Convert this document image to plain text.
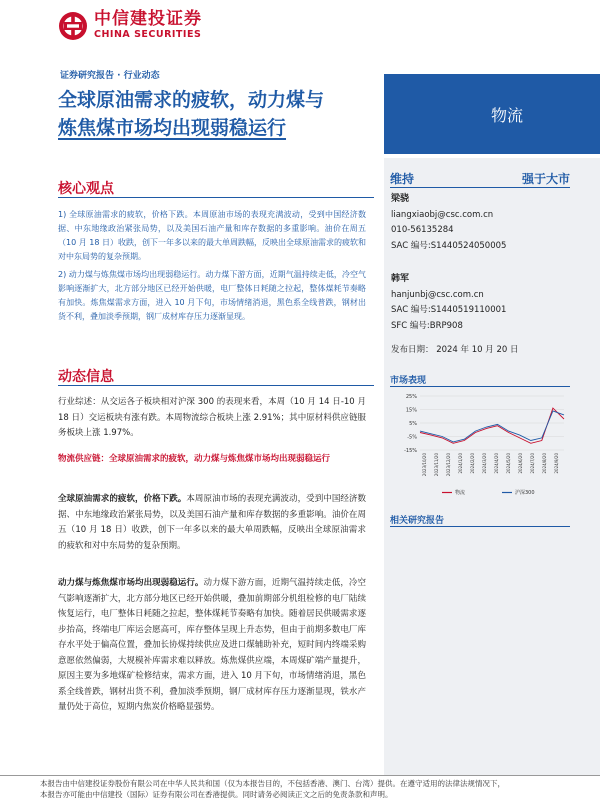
中信建投证券
CHINA SECURITIES
证券研究报告 · 行业动态
全球原油需求的疲软，动力煤与
炼焦煤市场均出现弱稳运行
物流
维持	强于大市
梁骁
liangxiaobj@csc.com.cn
010-56135284
SAC 编号:S1440524050005
韩军
hanjunbj@csc.com.cn
SAC 编号:S1440519110001
SFC 编号:BRP908
发布日期： 2024 年 10 月 20 日
市场表现
25%
15%
5%
-5%
-15%
2023/10/20 2023/11/20 2023/12/20 2024/1/20 2024/2/20 2024/3/20 2024/4/20 2024/5/20 2024/6/20 2024/7/20 2024/8/20 2024/9/20
物流	沪深300
相关研究报告
核心观点

1) 全球原油需求的疲软，价格下跌。本周原油市场的表现充满波动，受到中国经济数据、中东地缘政治紧张局势，以及美国石油产量和库存数据的多重影响。油价在周五（10 月 18 日）收跌，创下一年多以来的最大单周跌幅，反映出全球原油需求的疲软和对中东局势的复杂预期。

2) 动力煤与炼焦煤市场均出现弱稳运行。动力煤下游方面，近期气温持续走低，冷空气影响逐渐扩大，北方部分地区已经开始供暖，电厂整体日耗随之拉起，整体煤耗节奏略有加快。炼焦煤需求方面，进入 10 月下旬，市场情绪消退，黑色系全线普跌，钢材出货不利，叠加淡季预期，钢厂成材库存压力逐渐显现。

动态信息
行业综述：从交运各子板块相对沪深 300 的表现来看，本周（10 月 14 日-10 月 18 日）交运板块有涨有跌。本周物流综合板块上涨 2.91%；其中原材料供应链服务板块上涨 1.97%。
物流供应链：全球原油需求的疲软，动力煤与炼焦煤市场均出现弱稳运行
全球原油需求的疲软，价格下跌。本周原油市场的表现充满波动，受到中国经济数据、中东地缘政治紧张局势，以及美国石油产量和库存数据的多重影响。油价在周五（10 月 18 日）收跌，创下一年多以来的最大单周跌幅，反映出全球原油需求的疲软和对中东局势的复杂预期。
动力煤与炼焦煤市场均出现弱稳运行。动力煤下游方面，近期气温持续走低，冷空气影响逐渐扩大，北方部分地区已经开始供暖，叠加前期部分机组检修的电厂陆续恢复运行，电厂整体日耗随之拉起，整体煤耗节奏略有加快。随着居民供暖需求逐步抬高，终端电厂库运会愿高可，库存整体呈现上升态势，但由于前期多数电厂库存水平处于偏高位置，叠加长协煤持续供应及进口煤辅助补充，短时间内终端采购意愿依然偏弱，大规模补库需求难以释放。炼焦煤供应端，本周煤矿端产量提升，原因主要为多地煤矿检修结束，需求方面，进入 10 月下旬，市场情绪消退，黑色系全线普跌，钢材出货不利，叠加淡季预期，钢厂成材库存压力逐渐显现，铁水产量仍处于高位，短期内焦炭价格略显强势。
本报告由中信建投证券股份有限公司在中华人民共和国（仅为本报告目的，不包括香港、澳门、台湾）提供。在遵守适用的法律法规情况下，
本报告亦可能由中信建投（国际）证券有限公司在香港提供。同时请务必阅读正文之后的免责条款和声明。
